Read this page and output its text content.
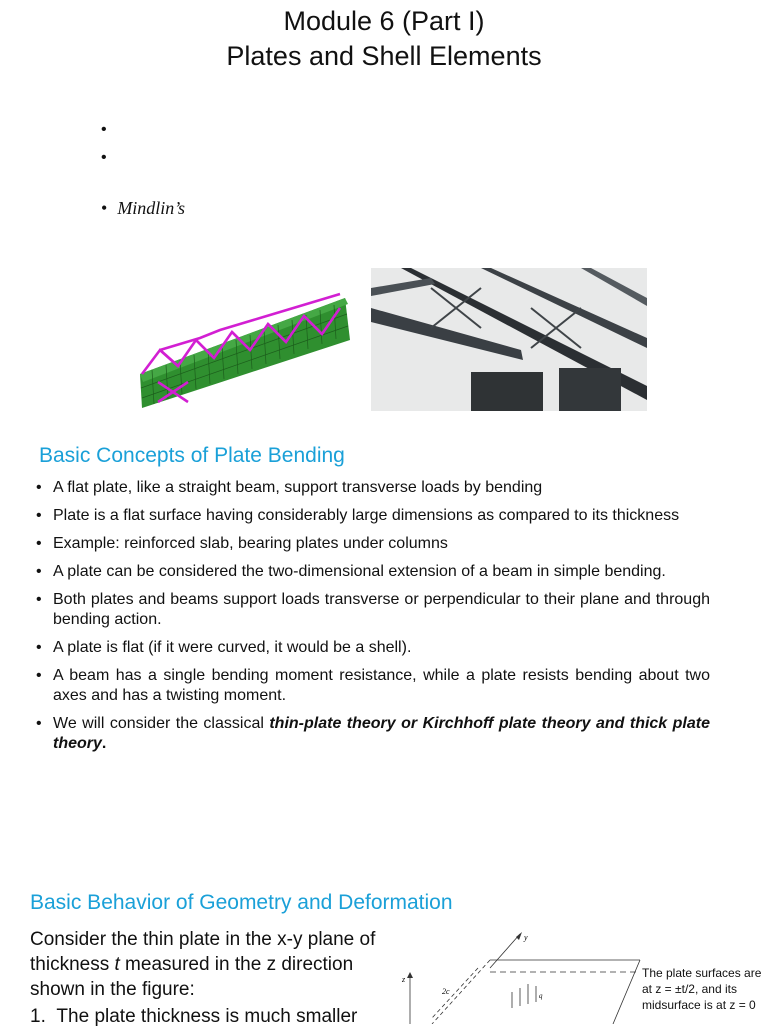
Module 6 (Part I)
Plates and Shell Elements
•
•
• Mindlin’s
Basic Concepts of Plate Bending
• A flat plate, like a straight beam, support transverse loads by bending
• Plate is a flat surface having considerably large dimensions as compared to its thickness
• Example: reinforced slab, bearing plates under columns
• A plate can be considered the two-dimensional extension of a beam in simple bending.
• Both plates and beams support loads transverse or perpendicular to their plane and through bending action.
• A plate is flat (if it were curved, it would be a shell).
• A beam has a single bending moment resistance, while a plate resists bending about two axes and has a twisting moment.
• We will consider the classical thin-plate theory or Kirchhoff plate theory and thick plate theory.
Basic Behavior of Geometry and Deformation
Consider the thin plate in the x-y plane of thickness t measured in the z direction shown in the figure:
1. The plate thickness is much smaller
y
z
2c	q
The plate surfaces are at z = ±t/2, and its midsurface is at z = 0
